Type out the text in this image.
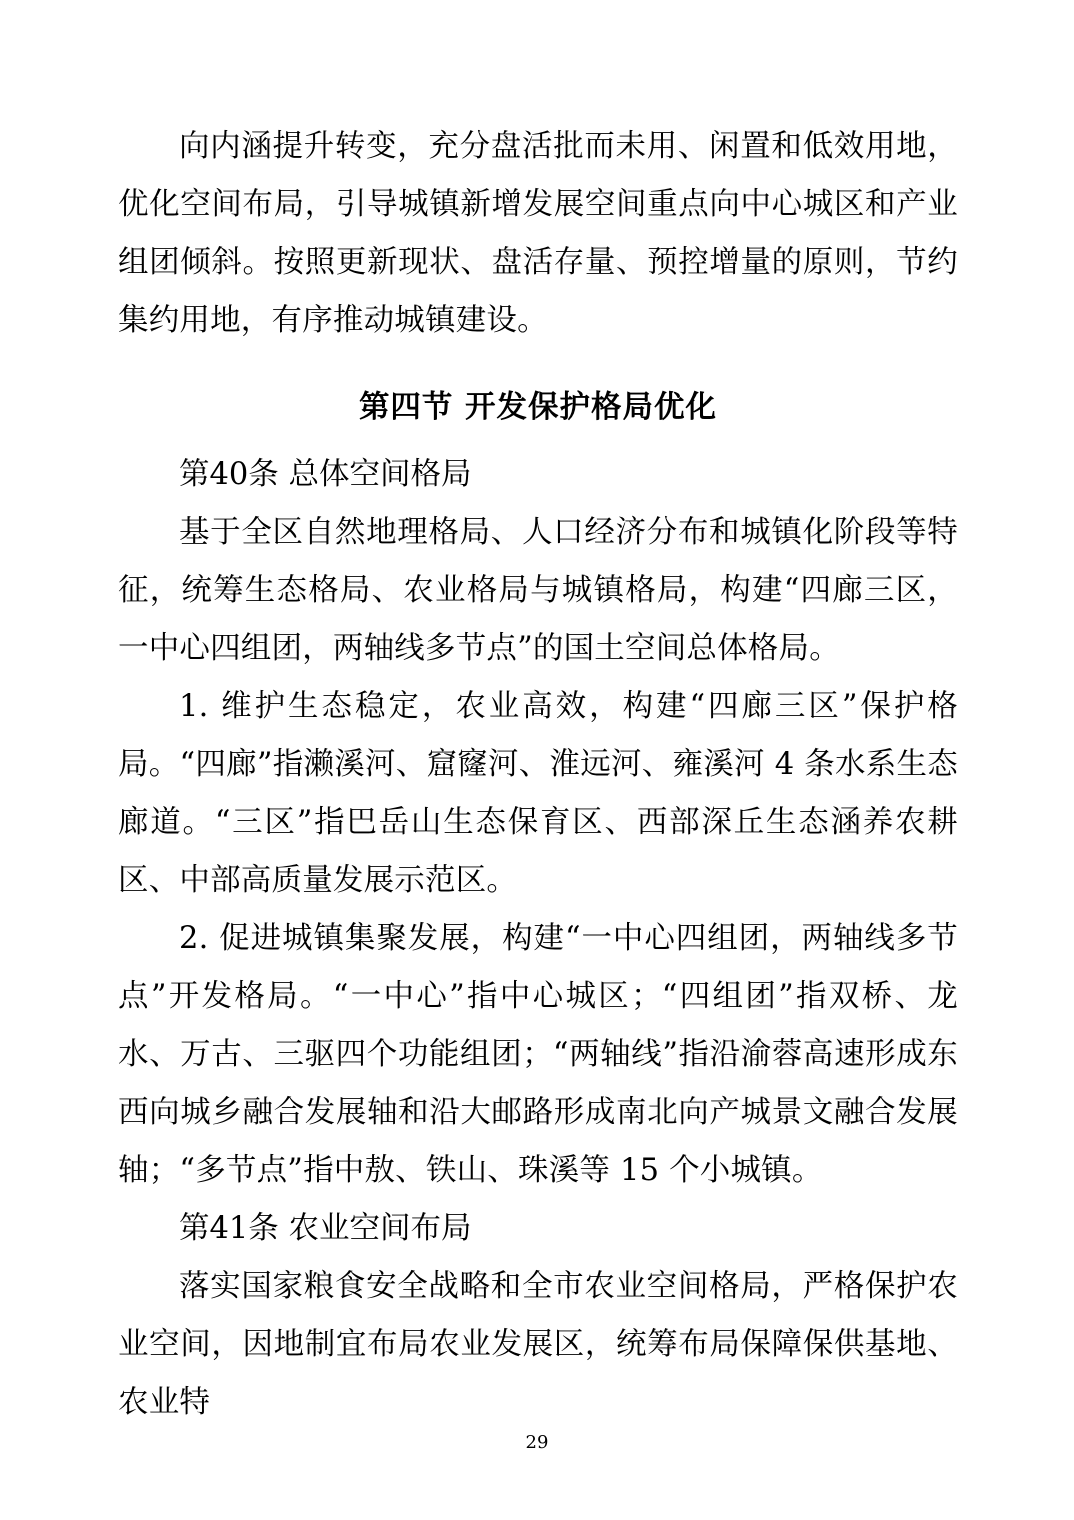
向内涵提升转变，充分盘活批而未用、闲置和低效用地，优化空间布局，引导城镇新增发展空间重点向中心城区和产业组团倾斜。按照更新现状、盘活存量、预控增量的原则，节约集约用地，有序推动城镇建设。

第四节 开发保护格局优化

第40条 总体空间格局

基于全区自然地理格局、人口经济分布和城镇化阶段等特征，统筹生态格局、农业格局与城镇格局，构建“四廊三区，一中心四组团，两轴线多节点”的国土空间总体格局。

1. 维护生态稳定，农业高效，构建“四廊三区”保护格局。“四廊”指濑溪河、窟窿河、淮远河、雍溪河 4 条水系生态廊道。“三区”指巴岳山生态保育区、西部深丘生态涵养农耕区、中部高质量发展示范区。

2. 促进城镇集聚发展，构建“一中心四组团，两轴线多节点”开发格局。“一中心”指中心城区；“四组团”指双桥、龙水、万古、三驱四个功能组团；“两轴线”指沿渝蓉高速形成东西向城乡融合发展轴和沿大邮路形成南北向产城景文融合发展轴；“多节点”指中敖、铁山、珠溪等 15 个小城镇。

第41条 农业空间布局

落实国家粮食安全战略和全市农业空间格局，严格保护农业空间，因地制宜布局农业发展区，统筹布局保障保供基地、农业特

29
